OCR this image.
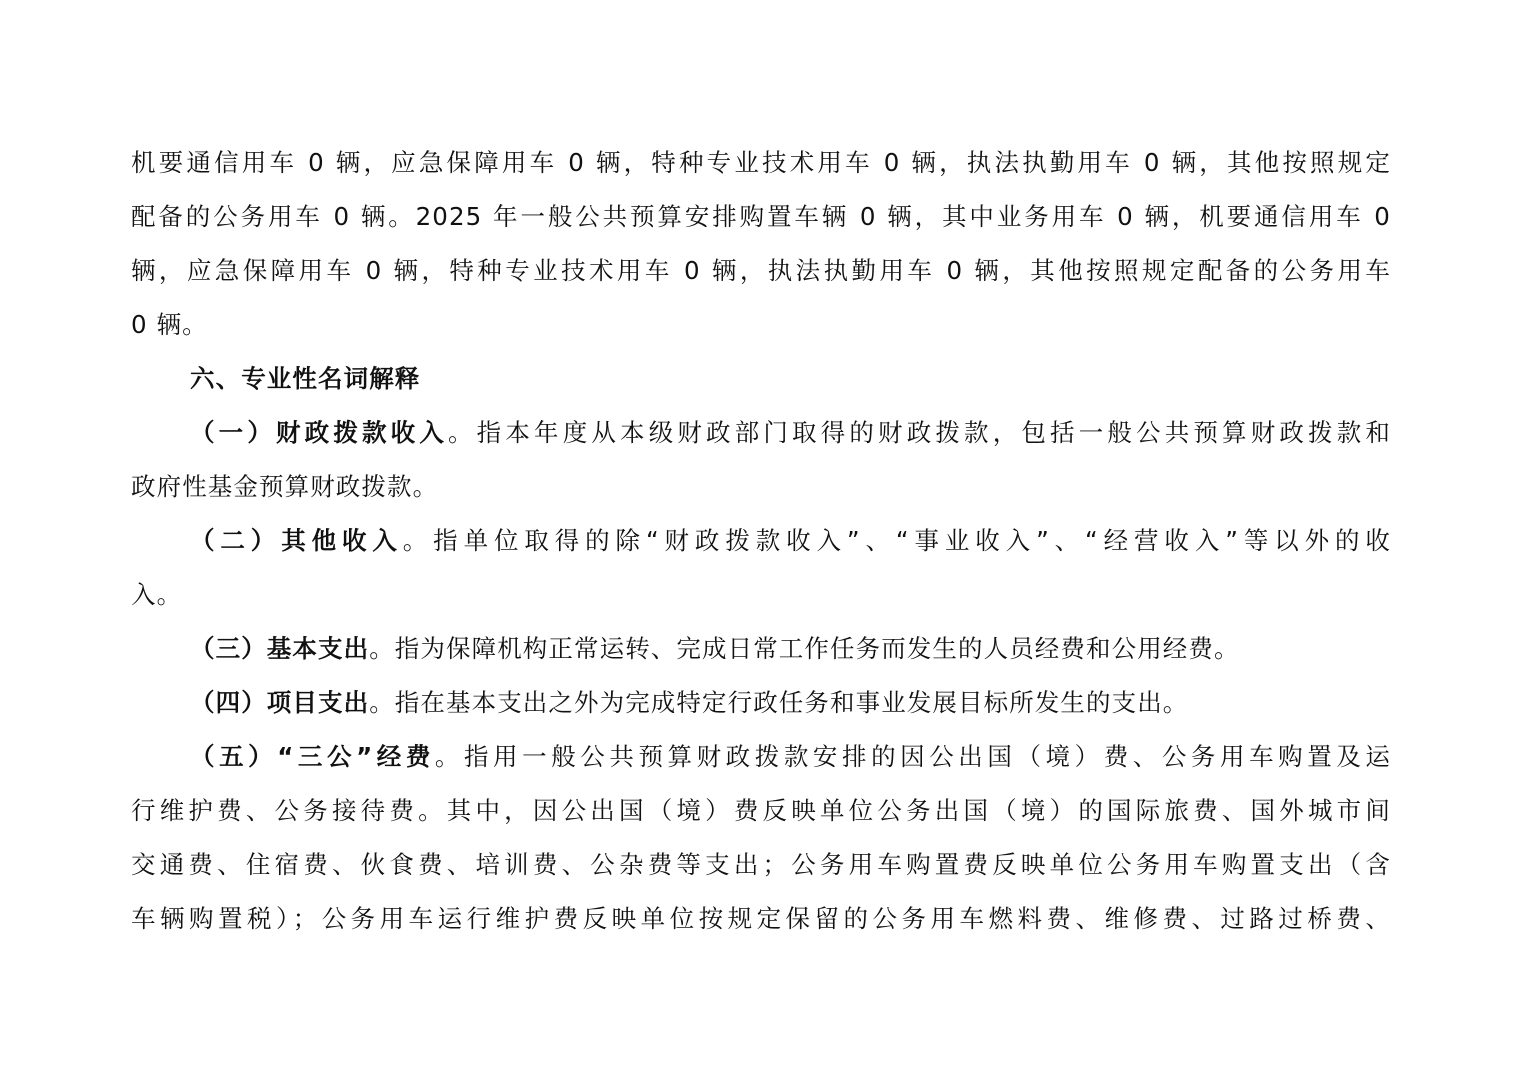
机要通信用车 0 辆，应急保障用车 0 辆，特种专业技术用车 0 辆，执法执勤用车 0 辆，其他按照规定
配备的公务用车 0 辆。2025 年一般公共预算安排购置车辆 0 辆，其中业务用车 0 辆，机要通信用车 0
辆，应急保障用车 0 辆，特种专业技术用车 0 辆，执法执勤用车 0 辆，其他按照规定配备的公务用车
0 辆。
六、专业性名词解释
（一）财政拨款收入。指本年度从本级财政部门取得的财政拨款，包括一般公共预算财政拨款和
政府性基金预算财政拨款。
（二）其他收入。指单位取得的除“财政拨款收入”、“事业收入”、“经营收入”等以外的收
入。
（三）基本支出。指为保障机构正常运转、完成日常工作任务而发生的人员经费和公用经费。
（四）项目支出。指在基本支出之外为完成特定行政任务和事业发展目标所发生的支出。
（五）“三公”经费。指用一般公共预算财政拨款安排的因公出国（境）费、公务用车购置及运
行维护费、公务接待费。其中，因公出国（境）费反映单位公务出国（境）的国际旅费、国外城市间
交通费、住宿费、伙食费、培训费、公杂费等支出；公务用车购置费反映单位公务用车购置支出（含
车辆购置税）；公务用车运行维护费反映单位按规定保留的公务用车燃料费、维修费、过路过桥费、
